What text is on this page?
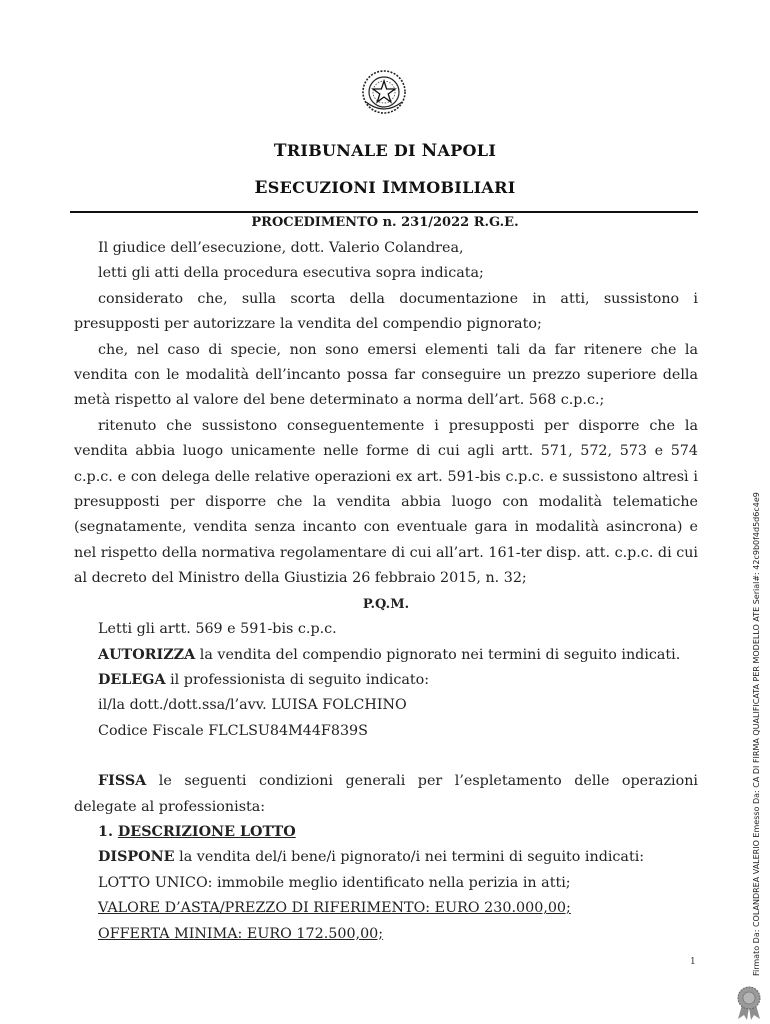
TRIBUNALE DI NAPOLI
ESECUZIONI IMMOBILIARI
PROCEDIMENTO n. 231/2022 R.G.E.

Il giudice dell’esecuzione, dott. Valerio Colandrea,

letti gli atti della procedura esecutiva sopra indicata;

considerato che, sulla scorta della documentazione in atti, sussistono i presupposti per autorizzare la vendita del compendio pignorato;

che, nel caso di specie, non sono emersi elementi tali da far ritenere che la vendita con le modalità dell’incanto possa far conseguire un prezzo superiore della metà rispetto al valore del bene determinato a norma dell’art. 568 c.p.c.;

ritenuto che sussistono conseguentemente i presupposti per disporre che la vendita abbia luogo unicamente nelle forme di cui agli artt. 571, 572, 573 e 574 c.p.c. e con delega delle relative operazioni ex art. 591-bis c.p.c. e sussistono altresì i presupposti per disporre che la vendita abbia luogo con modalità telematiche (segnatamente, vendita senza incanto con eventuale gara in modalità asincrona) e nel rispetto della normativa regolamentare di cui all’art. 161-ter disp. att. c.p.c. di cui al decreto del Ministro della Giustizia 26 febbraio 2015, n. 32;

P.Q.M.

Letti gli artt. 569 e 591-bis c.p.c.

AUTORIZZA la vendita del compendio pignorato nei termini di seguito indicati.

DELEGA il professionista di seguito indicato:

il/la dott./dott.ssa/l’avv. LUISA FOLCHINO

Codice Fiscale FLCLSU84M44F839S

FISSA le seguenti condizioni generali per l’espletamento delle operazioni delegate al professionista:

1. DESCRIZIONE LOTTO

DISPONE la vendita del/i bene/i pignorato/i nei termini di seguito indicati:

LOTTO UNICO: immobile meglio identificato nella perizia in atti;

VALORE D’ASTA/PREZZO DI RIFERIMENTO: EURO 230.000,00;

OFFERTA MINIMA: EURO 172.500,00;

1	Firmato Da: COLANDREA VALERIO Emesso Da: CA DI FIRMA QUALIFICATA PER MODELLO ATE Serial#: 42c9b0f4d5d6c4e9
